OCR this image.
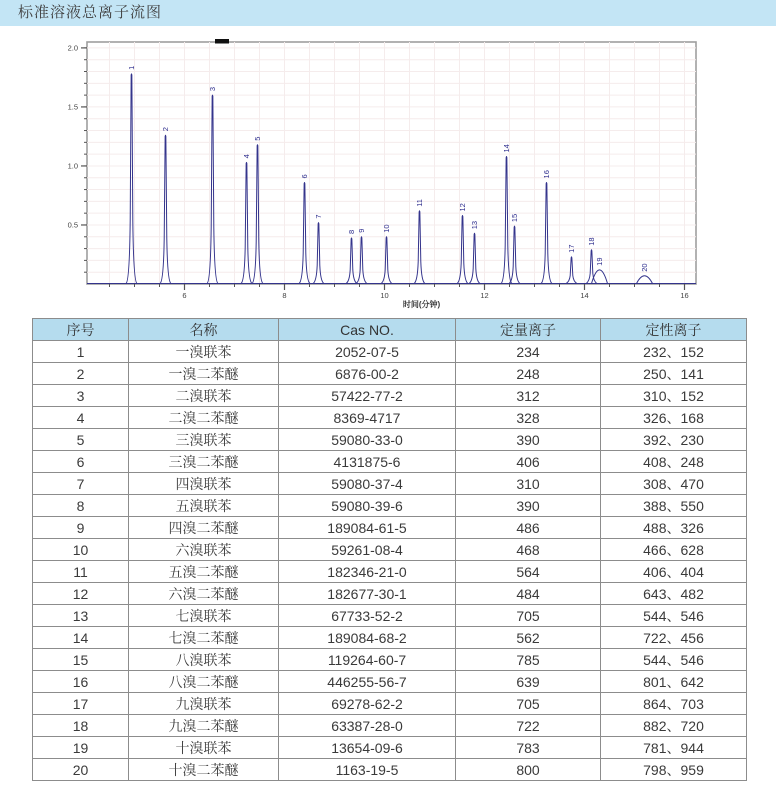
标准溶液总离子流图
0.5
1.0
1.5
2.0
6	8	10	12	14	16
时间(分钟)
1
2
3
4
5
6
7
8 9 10
11
12
13
14
15
16
17
18
19
20
序号	名称	Cas NO.	定量离子	定性离子
1	一溴联苯	2052-07-5	234	232、152
2	一溴二苯醚	6876-00-2	248	250、141
3	二溴联苯	57422-77-2	312	310、152
4	二溴二苯醚	8369-4717	328	326、168
5	三溴联苯	59080-33-0	390	392、230
6	三溴二苯醚	4131875-6	406	408、248
7	四溴联苯	59080-37-4	310	308、470
8	五溴联苯	59080-39-6	390	388、550
9	四溴二苯醚	189084-61-5	486	488、326
10	六溴联苯	59261-08-4	468	466、628
11	五溴二苯醚	182346-21-0	564	406、404
12	六溴二苯醚	182677-30-1	484	643、482
13	七溴联苯	67733-52-2	705	544、546
14	七溴二苯醚	189084-68-2	562	722、456
15	八溴联苯	119264-60-7	785	544、546
16	八溴二苯醚	446255-56-7	639	801、642
17	九溴联苯	69278-62-2	705	864、703
18	九溴二苯醚	63387-28-0	722	882、720
19	十溴联苯	13654-09-6	783	781、944
20	十溴二苯醚	1163-19-5	800	798、959
